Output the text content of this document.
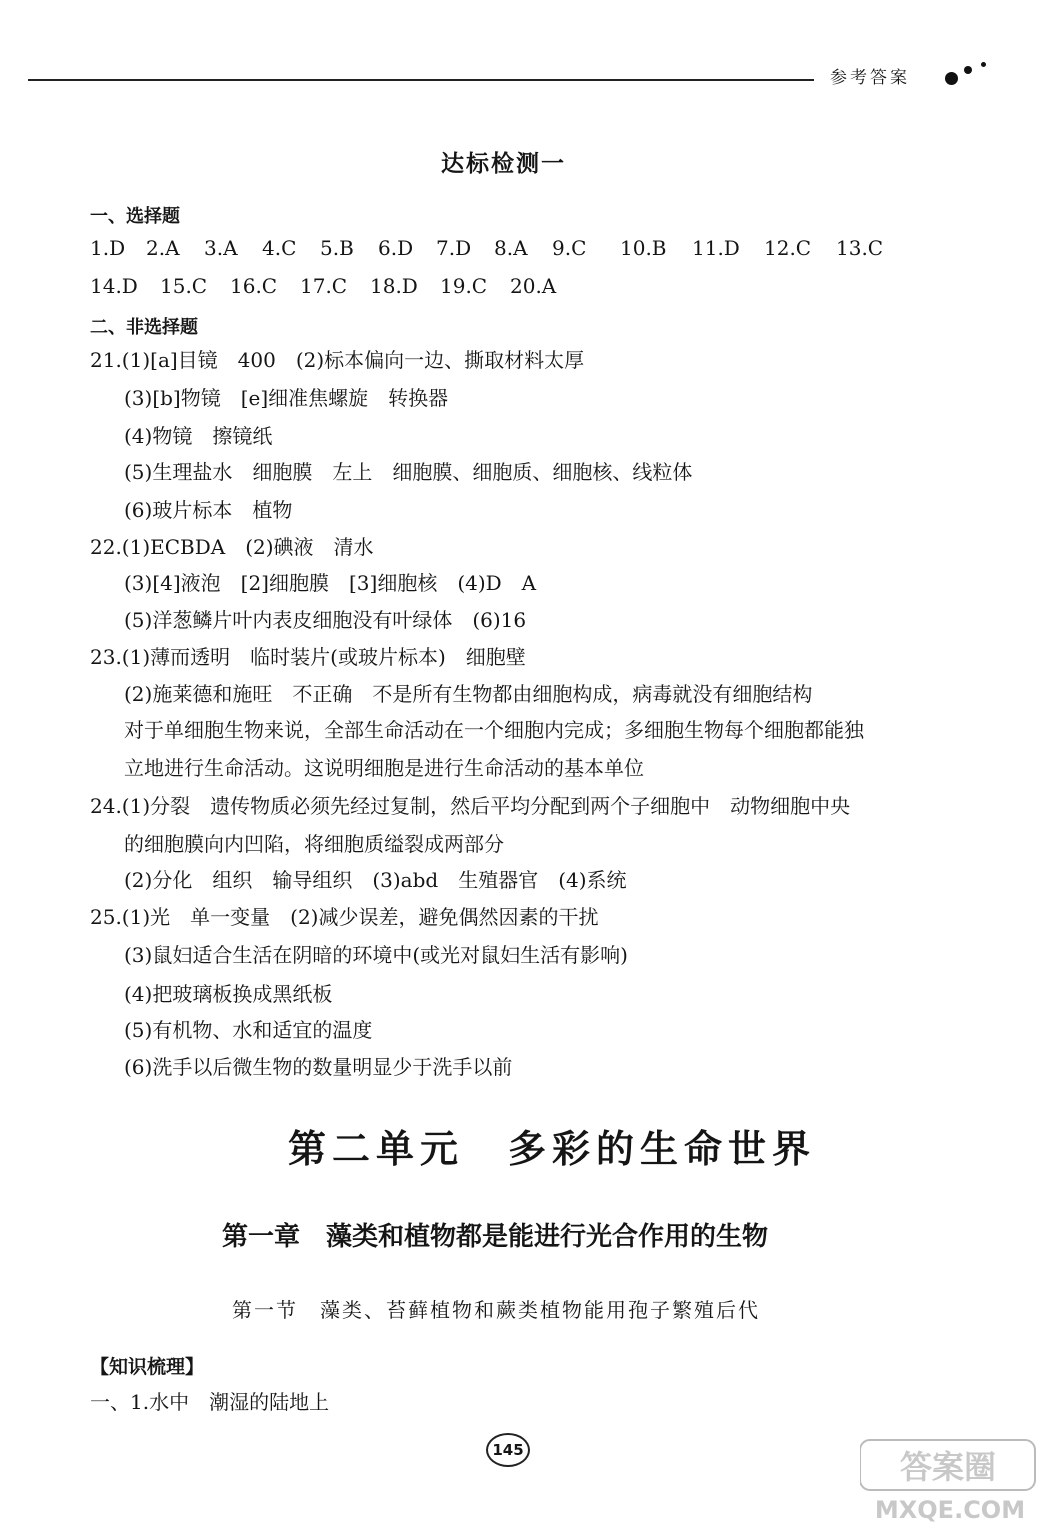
参考答案
达标检测一
一、选择题
1.D 2.A 3.A 4.C 5.B 6.D 7.D 8.A 9.C 10.B 11.D 12.C 13.C
14.D 15.C 16.C 17.C 18.D 19.C 20.A
二、非选择题
21.(1)[a]目镜　400　(2)标本偏向一边、撕取材料太厚
(3)[b]物镜　[e]细准焦螺旋　转换器
(4)物镜　擦镜纸
(5)生理盐水　细胞膜　左上　细胞膜、细胞质、细胞核、线粒体
(6)玻片标本　植物
22.(1)ECBDA　(2)碘液　清水
(3)[4]液泡　[2]细胞膜　[3]细胞核　(4)D　A
(5)洋葱鳞片叶内表皮细胞没有叶绿体　(6)16
23.(1)薄而透明　临时装片(或玻片标本)　细胞壁
(2)施莱德和施旺　不正确　不是所有生物都由细胞构成，病毒就没有细胞结构
对于单细胞生物来说，全部生命活动在一个细胞内完成；多细胞生物每个细胞都能独
立地进行生命活动。这说明细胞是进行生命活动的基本单位
24.(1)分裂　遗传物质必须先经过复制，然后平均分配到两个子细胞中　动物细胞中央
的细胞膜向内凹陷，将细胞质缢裂成两部分
(2)分化　组织　输导组织　(3)abd　生殖器官　(4)系统
25.(1)光　单一变量　(2)减少误差，避免偶然因素的干扰
(3)鼠妇适合生活在阴暗的环境中(或光对鼠妇生活有影响)
(4)把玻璃板换成黑纸板
(5)有机物、水和适宜的温度
(6)洗手以后微生物的数量明显少于洗手以前
第二单元　多彩的生命世界
第一章　藻类和植物都是能进行光合作用的生物
第一节　藻类、苔藓植物和蕨类植物能用孢子繁殖后代
【知识梳理】
一、1.水中　潮湿的陆地上
145	答案圈
MXQE.COM
